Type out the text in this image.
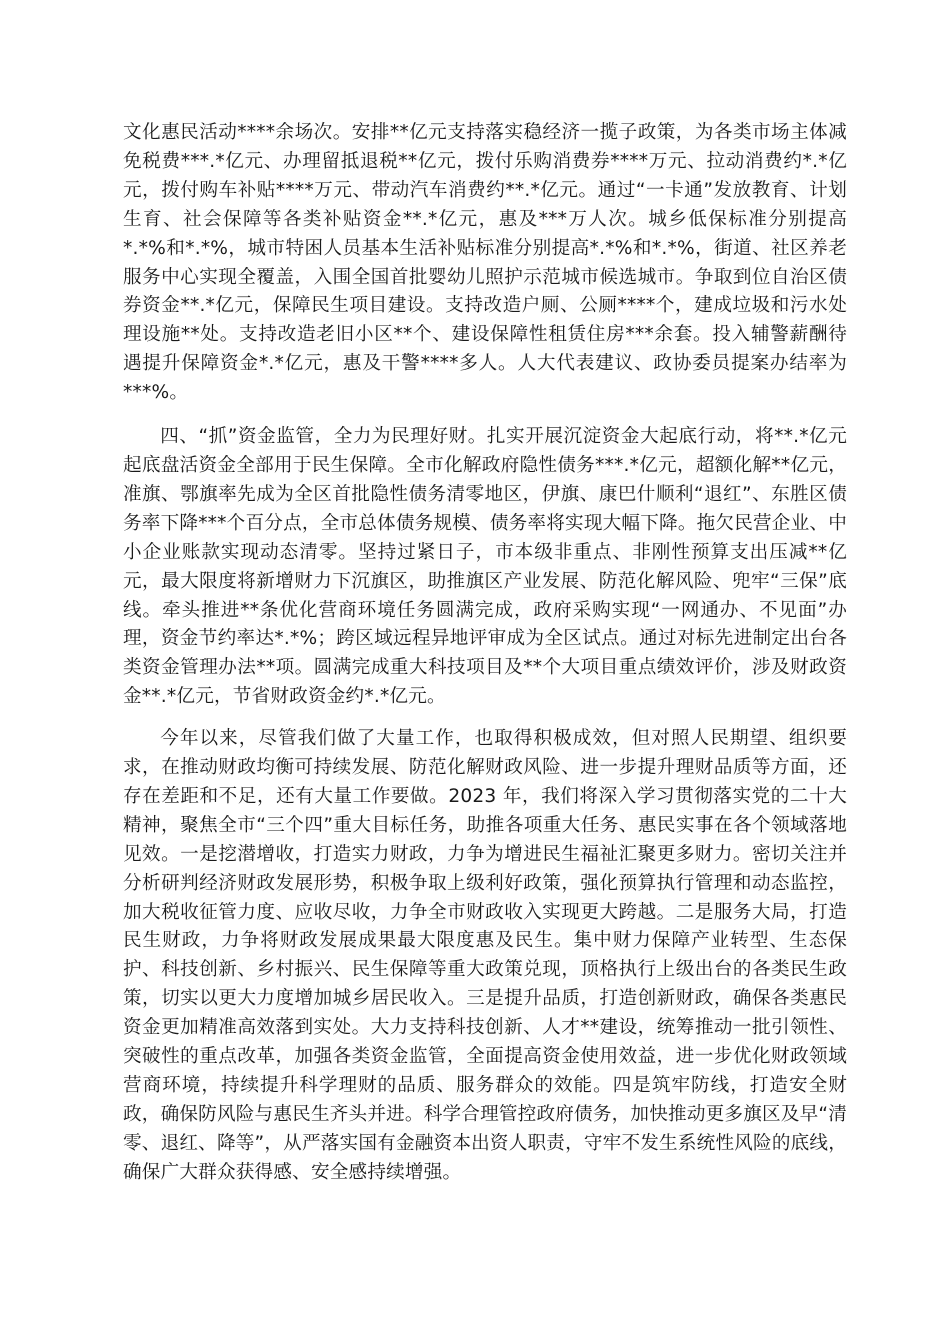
文化惠民活动****余场次。安排**亿元支持落实稳经济一揽子政策，为各类市场主体减免税费***.*亿元、办理留抵退税**亿元，拨付乐购消费券****万元、拉动消费约*.*亿元，拨付购车补贴****万元、带动汽车消费约**.*亿元。通过“一卡通”发放教育、计划生育、社会保障等各类补贴资金**.*亿元，惠及***万人次。城乡低保标准分别提高*.*%和*.*%，城市特困人员基本生活补贴标准分别提高*.*%和*.*%，街道、社区养老服务中心实现全覆盖，入围全国首批婴幼儿照护示范城市候选城市。争取到位自治区债券资金**.*亿元，保障民生项目建设。支持改造户厕、公厕****个，建成垃圾和污水处理设施**处。支持改造老旧小区**个、建设保障性租赁住房***余套。投入辅警薪酬待遇提升保障资金*.*亿元，惠及干警****多人。人大代表建议、政协委员提案办结率为***%。

四、“抓”资金监管，全力为民理好财。扎实开展沉淀资金大起底行动，将**.*亿元起底盘活资金全部用于民生保障。全市化解政府隐性债务***.*亿元，超额化解**亿元，准旗、鄂旗率先成为全区首批隐性债务清零地区，伊旗、康巴什顺利“退红”、东胜区债务率下降***个百分点，全市总体债务规模、债务率将实现大幅下降。拖欠民营企业、中小企业账款实现动态清零。坚持过紧日子，市本级非重点、非刚性预算支出压减**亿元，最大限度将新增财力下沉旗区，助推旗区产业发展、防范化解风险、兜牢“三保”底线。牵头推进**条优化营商环境任务圆满完成，政府采购实现“一网通办、不见面”办理，资金节约率达*.*%；跨区域远程异地评审成为全区试点。通过对标先进制定出台各类资金管理办法**项。圆满完成重大科技项目及**个大项目重点绩效评价，涉及财政资金**.*亿元，节省财政资金约*.*亿元。

今年以来，尽管我们做了大量工作，也取得积极成效，但对照人民期望、组织要求，在推动财政均衡可持续发展、防范化解财政风险、进一步提升理财品质等方面，还存在差距和不足，还有大量工作要做。2023 年，我们将深入学习贯彻落实党的二十大精神，聚焦全市“三个四”重大目标任务，助推各项重大任务、惠民实事在各个领域落地见效。一是挖潜增收，打造实力财政，力争为增进民生福祉汇聚更多财力。密切关注并分析研判经济财政发展形势，积极争取上级利好政策，强化预算执行管理和动态监控，加大税收征管力度、应收尽收，力争全市财政收入实现更大跨越。二是服务大局，打造民生财政，力争将财政发展成果最大限度惠及民生。集中财力保障产业转型、生态保护、科技创新、乡村振兴、民生保障等重大政策兑现，顶格执行上级出台的各类民生政策，切实以更大力度增加城乡居民收入。三是提升品质，打造创新财政，确保各类惠民资金更加精准高效落到实处。大力支持科技创新、人才**建设，统筹推动一批引领性、突破性的重点改革，加强各类资金监管，全面提高资金使用效益，进一步优化财政领域营商环境，持续提升科学理财的品质、服务群众的效能。四是筑牢防线，打造安全财政，确保防风险与惠民生齐头并进。科学合理管控政府债务，加快推动更多旗区及早“清零、退红、降等”，从严落实国有金融资本出资人职责，守牢不发生系统性风险的底线，确保广大群众获得感、安全感持续增强。
